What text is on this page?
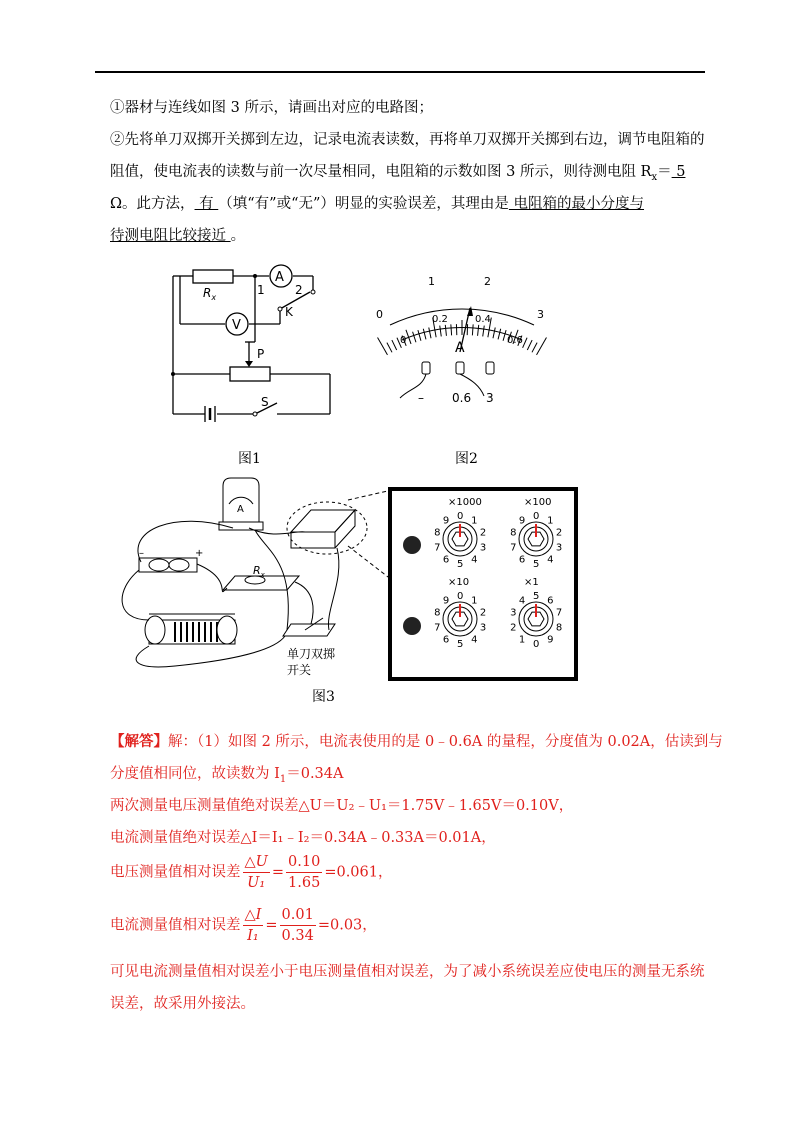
①器材与连线如图 3 所示，请画出对应的电路图；
②先将单刀双掷开关掷到左边，记录电流表读数，再将单刀双掷开关掷到右边，调节电阻箱的
阻值，使电流表的读数与前一次尽量相同，电阻箱的示数如图 3 所示，则待测电阻 $R_x= 5$
Ω。此方法， 有 （填“有”或“无”）明显的实验误差，其理由是 电阻箱的最小分度与
待测电阻比较接近 。
$R_x$
A
V
1	2
K
P
S
图1
0
1	2
3
0
0.2	0.4
0.6
A
– 0.6 3
图2
A
–	+
$R_x$
单刀双掷
开关
图3
×1000
0 1
2
3
4
5
6
7
8
9
×100
0 1
2
3
4
5
6
7
8
9
×10
0 1
2
3
4
5
6
7
8
9
×1
5 6
7
8
9
0
1
2
3
4
【解答】解：（1）如图 2 所示，电流表使用的是 0﹣0.6A 的量程，分度值为 0.02A，估读到与
分度值相同位，故读数为 $I_1=0.34A$
两次测量电压测量值绝对误差△U＝U₂﹣U₁＝1.75V﹣1.65V＝0.10V，
电流测量值绝对误差△I＝I₁﹣I₂＝0.34A﹣0.33A＝0.01A，
电压测量值相对误差 $\frac{\triangle U}{\text{U₁}} = \frac{0.10}{1.65} =0.061$，
电流测量值相对误差 $\frac{\triangle I}{\text{I₁}} = \frac{0.01}{0.34} =0.03$，
可见电流测量值相对误差小于电压测量值相对误差，为了减小系统误差应使电压的测量无系统
误差，故采用外接法。
